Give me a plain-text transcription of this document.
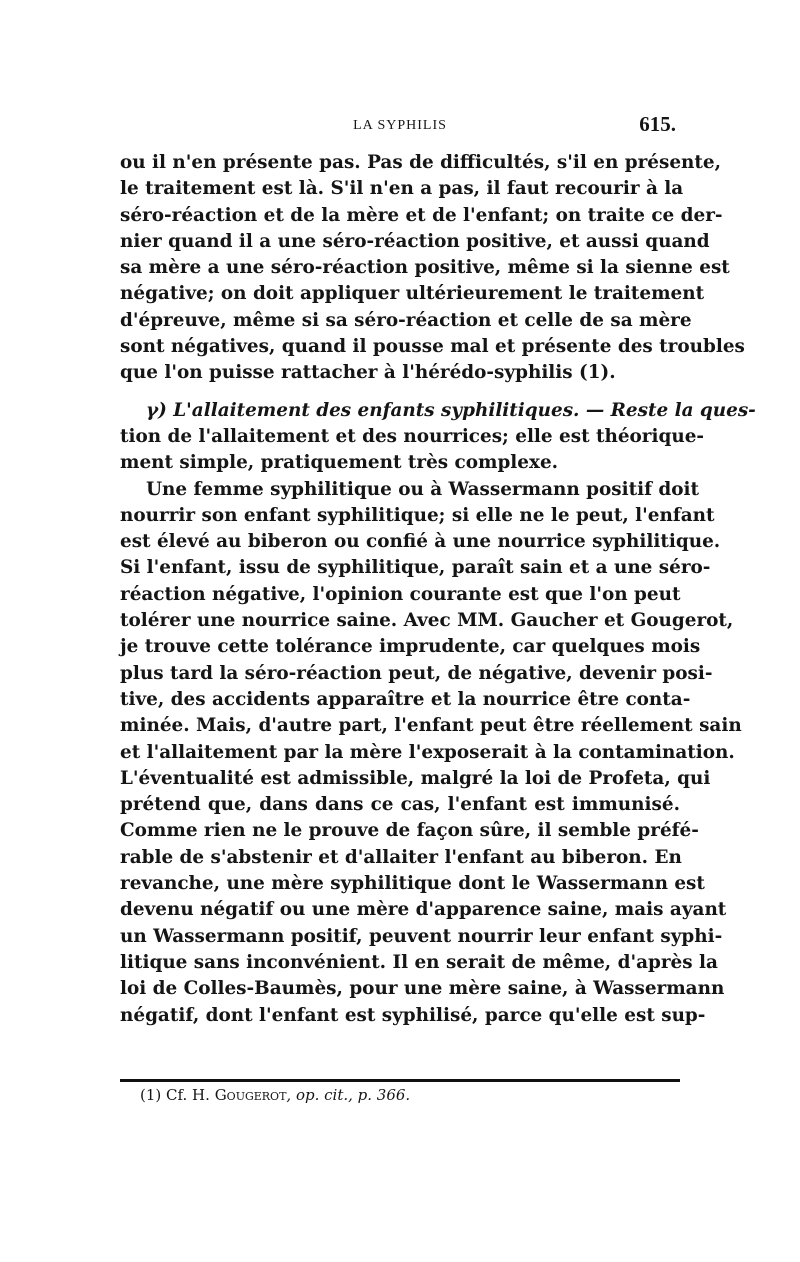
LA SYPHILIS	615.
ou il n'en présente pas. Pas de difficultés, s'il en présente,
le traitement est là. S'il n'en a pas, il faut recourir à la
séro-réaction et de la mère et de l'enfant; on traite ce der-
nier quand il a une séro-réaction positive, et aussi quand
sa mère a une séro-réaction positive, même si la sienne est
négative; on doit appliquer ultérieurement le traitement
d'épreuve, même si sa séro-réaction et celle de sa mère
sont négatives, quand il pousse mal et présente des troubles
que l'on puisse rattacher à l'hérédo-syphilis (1).
γ) L'allaitement des enfants syphilitiques. — Reste la ques-
tion de l'allaitement et des nourrices; elle est théorique-
ment simple, pratiquement très complexe.
Une femme syphilitique ou à Wassermann positif doit
nourrir son enfant syphilitique; si elle ne le peut, l'enfant
est élevé au biberon ou confié à une nourrice syphilitique.
Si l'enfant, issu de syphilitique, paraît sain et a une séro-
réaction négative, l'opinion courante est que l'on peut
tolérer une nourrice saine. Avec MM. Gaucher et Gougerot,
je trouve cette tolérance imprudente, car quelques mois
plus tard la séro-réaction peut, de négative, devenir posi-
tive, des accidents apparaître et la nourrice être conta-
minée. Mais, d'autre part, l'enfant peut être réellement sain
et l'allaitement par la mère l'exposerait à la contamination.
L'éventualité est admissible, malgré la loi de Profeta, qui
prétend que, dans dans ce cas, l'enfant est immunisé.
Comme rien ne le prouve de façon sûre, il semble préfé-
rable de s'abstenir et d'allaiter l'enfant au biberon. En
revanche, une mère syphilitique dont le Wassermann est
devenu négatif ou une mère d'apparence saine, mais ayant
un Wassermann positif, peuvent nourrir leur enfant syphi-
litique sans inconvénient. Il en serait de même, d'après la
loi de Colles-Baumès, pour une mère saine, à Wassermann
négatif, dont l'enfant est syphilisé, parce qu'elle est sup-
(1) Cf. H. Gougerot, op. cit., p. 366.
